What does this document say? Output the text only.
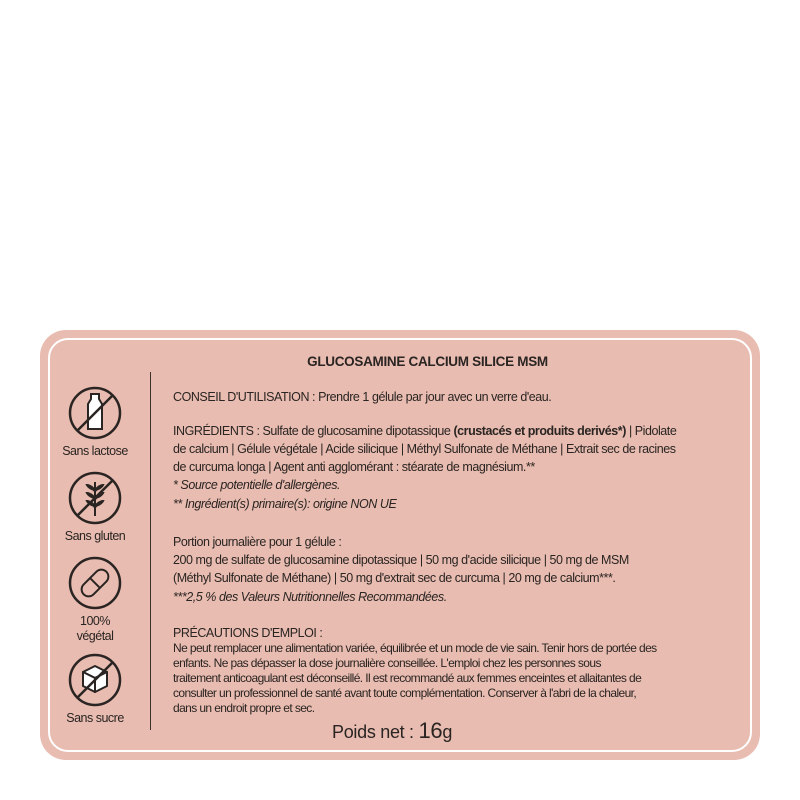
Sans lactose
Sans gluten
100%
végétal
Sans sucre
GLUCOSAMINE CALCIUM SILICE MSM
CONSEIL D'UTILISATION : Prendre 1 gélule par jour avec un verre d'eau.
INGRÉDIENTS : Sulfate de glucosamine dipotassique (crustacés et produits derivés*) | Pidolate
de calcium | Gélule végétale | Acide silicique | Méthyl Sulfonate de Méthane | Extrait sec de racines
de curcuma longa | Agent anti agglomérant : stéarate de magnésium.**
* Source potentielle d'allergènes.
** Ingrédient(s) primaire(s): origine NON UE
Portion journalière pour 1 gélule :
200 mg de sulfate de glucosamine dipotassique | 50 mg d'acide silicique | 50 mg de MSM
(Méthyl Sulfonate de Méthane) | 50 mg d'extrait sec de curcuma | 20 mg de calcium***.
***2,5 % des Valeurs Nutritionnelles Recommandées.
PRÉCAUTIONS D'EMPLOI :
Ne peut remplacer une alimentation variée, équilibrée et un mode de vie sain. Tenir hors de portée des
enfants. Ne pas dépasser la dose journalière conseillée. L'emploi chez les personnes sous
traitement anticoagulant est déconseillé. Il est recommandé aux femmes enceintes et allaitantes de
consulter un professionnel de santé avant toute complémentation. Conserver à l'abri de la chaleur,
dans un endroit propre et sec.
Poids net : 16g
